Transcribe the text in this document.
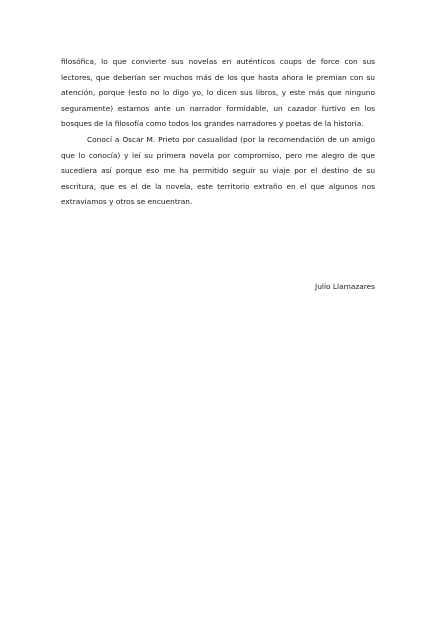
filosófica, lo que convierte sus novelas en auténticos coups de force con sus lectores, que deberían ser muchos más de los que hasta ahora le premian con su atención, porque (esto no lo digo yo, lo dicen sus libros, y este más que ninguno seguramente) estamos ante un narrador formidable, un cazador furtivo en los bosques de la filosofía como todos los grandes narradores y poetas de la historia.

Conocí a Oscar M. Prieto por casualidad (por la recomendación de un amigo que lo conocía) y leí su primera novela por compromiso, pero me alegro de que sucediera así porque eso me ha permitido seguir su viaje por el destino de su escritura, que es el de la novela, este territorio extraño en el que algunos nos extraviamos y otros se encuentran.

Julio Llamazares
